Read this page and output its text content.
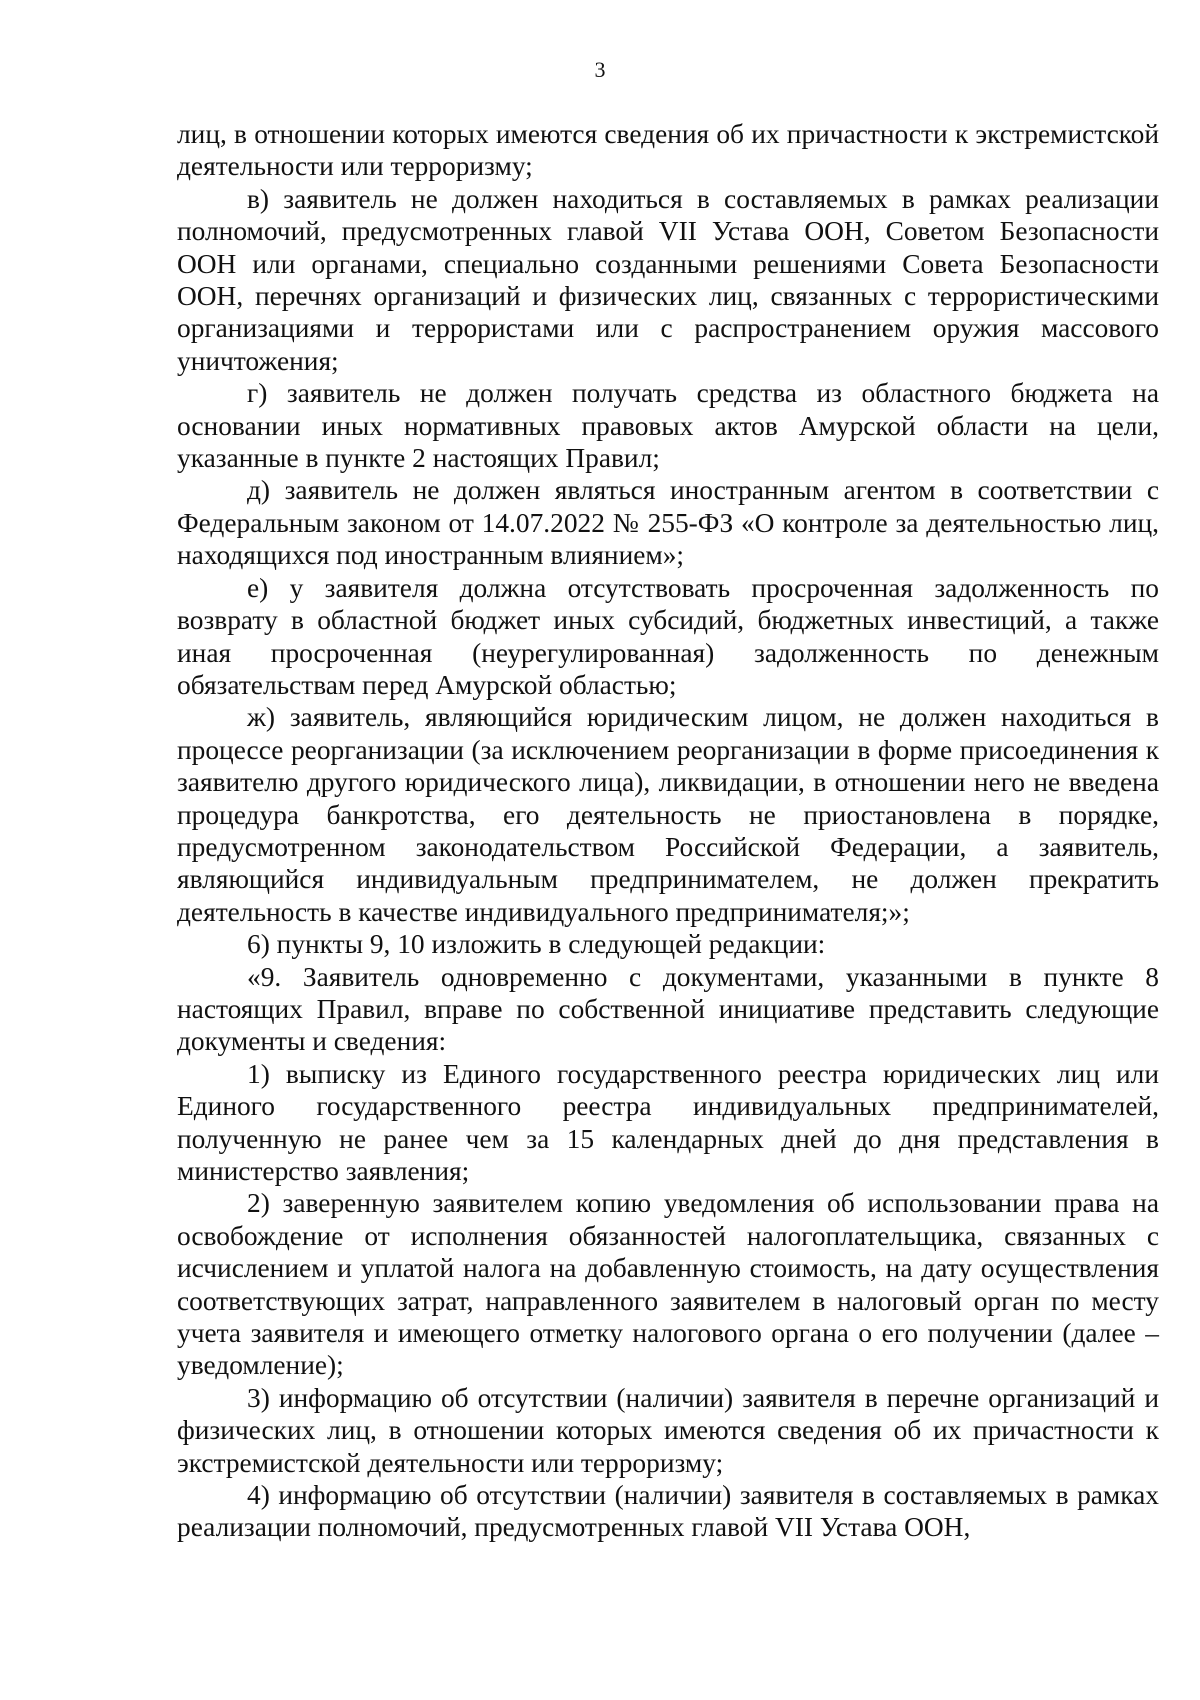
3

лиц, в отношении которых имеются сведения об их причастности к экстремистской деятельности или терроризму;

в) заявитель не должен находиться в составляемых в рамках реализации полномочий, предусмотренных главой VII Устава ООН, Советом Безопасности ООН или органами, специально созданными решениями Совета Безопасности ООН, перечнях организаций и физических лиц, связанных с террористическими организациями и террористами или с распространением оружия массового уничтожения;

г) заявитель не должен получать средства из областного бюджета на основании иных нормативных правовых актов Амурской области на цели, указанные в пункте 2 настоящих Правил;

д) заявитель не должен являться иностранным агентом в соответствии с Федеральным законом от 14.07.2022 № 255-ФЗ «О контроле за деятельностью лиц, находящихся под иностранным влиянием»;

е) у заявителя должна отсутствовать просроченная задолженность по возврату в областной бюджет иных субсидий, бюджетных инвестиций, а также иная просроченная (неурегулированная) задолженность по денежным обязательствам перед Амурской областью;

ж) заявитель, являющийся юридическим лицом, не должен находиться в процессе реорганизации (за исключением реорганизации в форме присоединения к заявителю другого юридического лица), ликвидации, в отношении него не введена процедура банкротства, его деятельность не приостановлена в порядке, предусмотренном законодательством Российской Федерации, а заявитель, являющийся индивидуальным предпринимателем, не должен прекратить деятельность в качестве индивидуального предпринимателя;»;

6) пункты 9, 10 изложить в следующей редакции:

«9. Заявитель одновременно с документами, указанными в пункте 8 настоящих Правил, вправе по собственной инициативе представить следующие документы и сведения:

1) выписку из Единого государственного реестра юридических лиц или Единого государственного реестра индивидуальных предпринимателей, полученную не ранее чем за 15 календарных дней до дня представления в министерство заявления;

2) заверенную заявителем копию уведомления об использовании права на освобождение от исполнения обязанностей налогоплательщика, связанных с исчислением и уплатой налога на добавленную стоимость, на дату осуществления соответствующих затрат, направленного заявителем в налоговый орган по месту учета заявителя и имеющего отметку налогового органа о его получении (далее – уведомление);

3) информацию об отсутствии (наличии) заявителя в перечне организаций и физических лиц, в отношении которых имеются сведения об их причастности к экстремистской деятельности или терроризму;

4) информацию об отсутствии (наличии) заявителя в составляемых в рамках реализации полномочий, предусмотренных главой VII Устава ООН,
